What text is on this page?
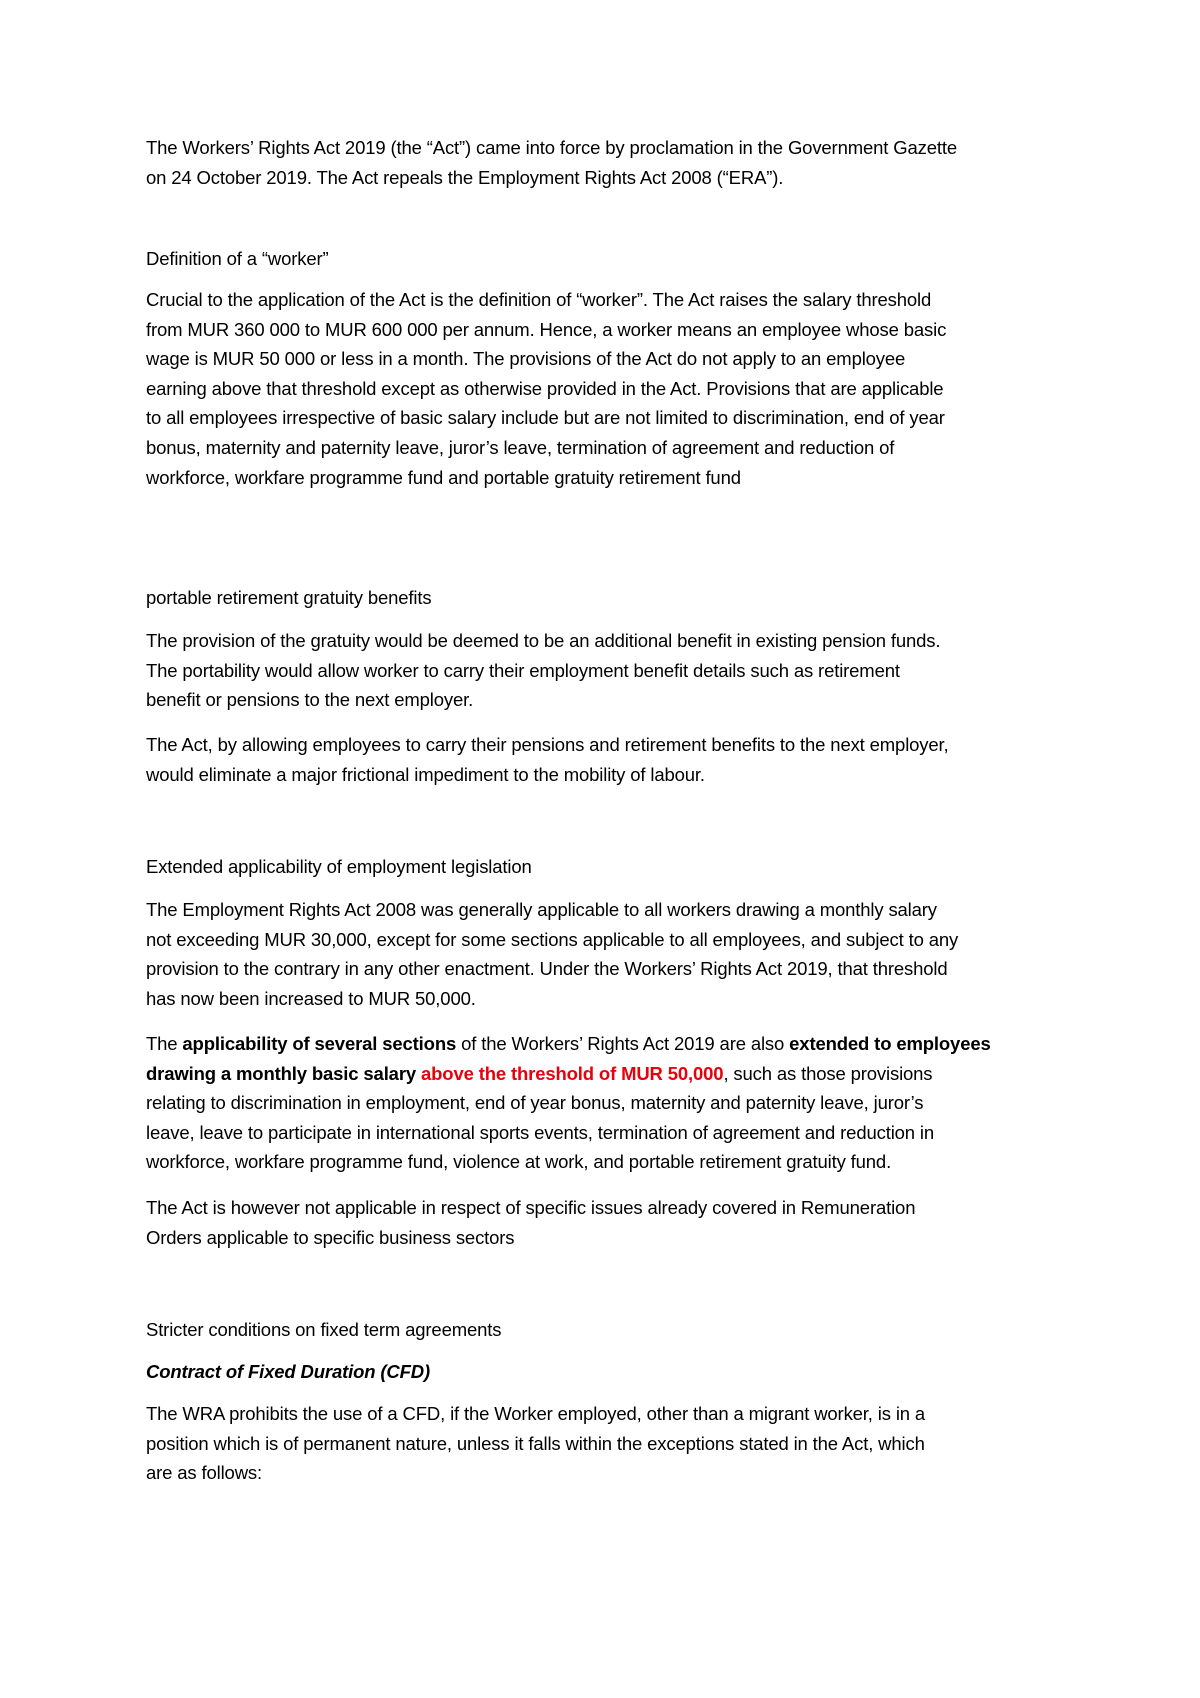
The Workers’ Rights Act 2019 (the “Act”) came into force by proclamation in the Government Gazette
on 24 October 2019. The Act repeals the Employment Rights Act 2008 (“ERA”).

Definition of a “worker”

Crucial to the application of the Act is the definition of “worker”. The Act raises the salary threshold
from MUR 360 000 to MUR 600 000 per annum. Hence, a worker means an employee whose basic
wage is MUR 50 000 or less in a month. The provisions of the Act do not apply to an employee
earning above that threshold except as otherwise provided in the Act. Provisions that are applicable
to all employees irrespective of basic salary include but are not limited to discrimination, end of year
bonus, maternity and paternity leave, juror’s leave, termination of agreement and reduction of
workforce, workfare programme fund and portable gratuity retirement fund

portable retirement gratuity benefits

The provision of the gratuity would be deemed to be an additional benefit in existing pension funds.
The portability would allow worker to carry their employment benefit details such as retirement
benefit or pensions to the next employer.

The Act, by allowing employees to carry their pensions and retirement benefits to the next employer,
would eliminate a major frictional impediment to the mobility of labour.

Extended applicability of employment legislation

The Employment Rights Act 2008 was generally applicable to all workers drawing a monthly salary
not exceeding MUR 30,000, except for some sections applicable to all employees, and subject to any
provision to the contrary in any other enactment. Under the Workers’ Rights Act 2019, that threshold
has now been increased to MUR 50,000.

The applicability of several sections of the Workers’ Rights Act 2019 are also extended to employees
drawing a monthly basic salary above the threshold of MUR 50,000, such as those provisions
relating to discrimination in employment, end of year bonus, maternity and paternity leave, juror’s
leave, leave to participate in international sports events, termination of agreement and reduction in
workforce, workfare programme fund, violence at work, and portable retirement gratuity fund.

The Act is however not applicable in respect of specific issues already covered in Remuneration
Orders applicable to specific business sectors

Stricter conditions on fixed term agreements

Contract of Fixed Duration (CFD)

The WRA prohibits the use of a CFD, if the Worker employed, other than a migrant worker, is in a
position which is of permanent nature, unless it falls within the exceptions stated in the Act, which
are as follows:
